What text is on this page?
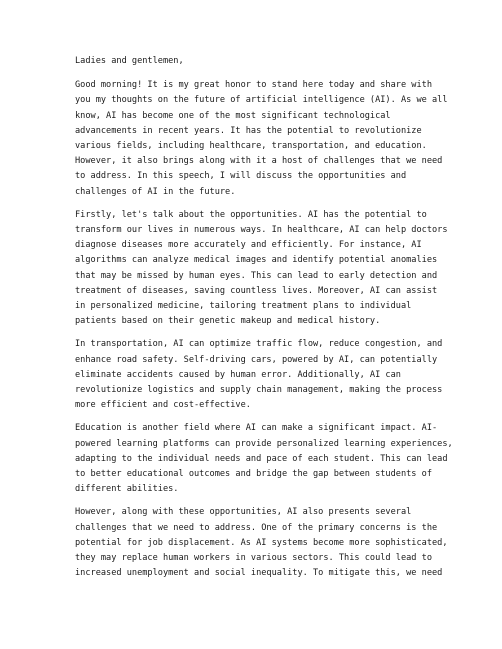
Ladies and gentlemen,
Good morning! It is my great honor to stand here today and share with
you my thoughts on the future of artificial intelligence (AI). As we all
know, AI has become one of the most significant technological
advancements in recent years. It has the potential to revolutionize
various fields, including healthcare, transportation, and education.
However, it also brings along with it a host of challenges that we need
to address. In this speech, I will discuss the opportunities and
challenges of AI in the future.
Firstly, let's talk about the opportunities. AI has the potential to
transform our lives in numerous ways. In healthcare, AI can help doctors
diagnose diseases more accurately and efficiently. For instance, AI
algorithms can analyze medical images and identify potential anomalies
that may be missed by human eyes. This can lead to early detection and
treatment of diseases, saving countless lives. Moreover, AI can assist
in personalized medicine, tailoring treatment plans to individual
patients based on their genetic makeup and medical history.
In transportation, AI can optimize traffic flow, reduce congestion, and
enhance road safety. Self-driving cars, powered by AI, can potentially
eliminate accidents caused by human error. Additionally, AI can
revolutionize logistics and supply chain management, making the process
more efficient and cost-effective.
Education is another field where AI can make a significant impact. AI-
powered learning platforms can provide personalized learning experiences,
adapting to the individual needs and pace of each student. This can lead
to better educational outcomes and bridge the gap between students of
different abilities.
However, along with these opportunities, AI also presents several
challenges that we need to address. One of the primary concerns is the
potential for job displacement. As AI systems become more sophisticated,
they may replace human workers in various sectors. This could lead to
increased unemployment and social inequality. To mitigate this, we need
